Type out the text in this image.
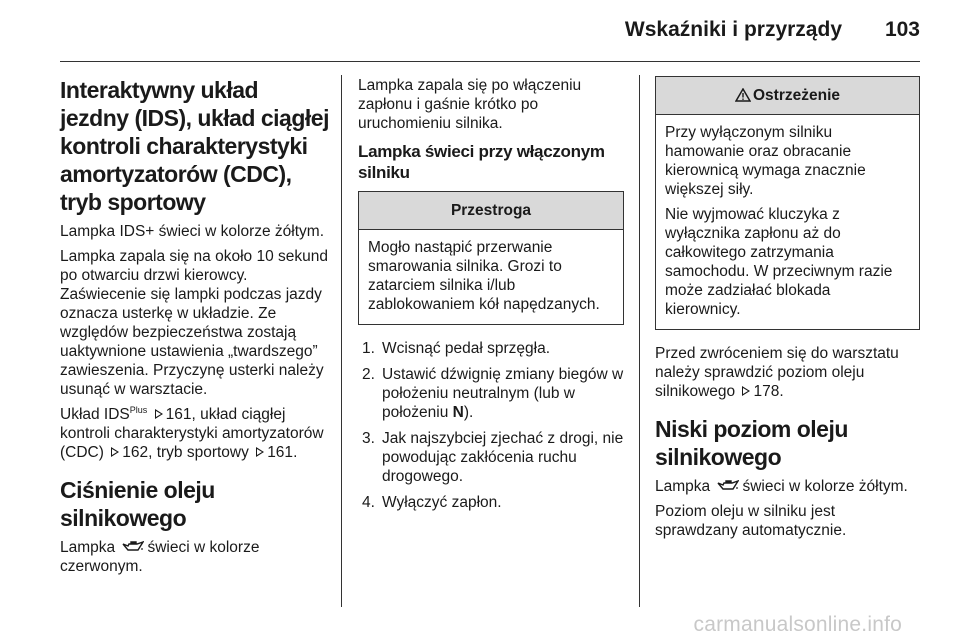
Wskaźniki i przyrządy 103
Interaktywny układ jezdny (IDS), układ ciągłej kontroli charakterystyki amortyzatorów (CDC), tryb sportowy

Lampka IDS+ świeci w kolorze żółtym.

Lampka zapala się na około 10 sekund po otwarciu drzwi kierowcy. Zaświecenie się lampki podczas jazdy oznacza usterkę w układzie. Ze względów bezpieczeństwa zostają uaktywnione ustawienia „twardszego” zawieszenia. Przyczynę usterki należy usunąć w warsztacie.

Układ $IDS^{Plus}$ 161, układ ciągłej kontroli charakterystyki amortyzatorów (CDC) 162, tryb sportowy 161.

Ciśnienie oleju silnikowego

Lampka świeci w kolorze czerwonym.

Lampka zapala się po włączeniu zapłonu i gaśnie krótko po uruchomieniu silnika.

Lampka świeci przy włączonym silniku
Przestroga

Mogło nastąpić przerwanie smarowania silnika. Grozi to zatarciem silnika i/lub zablokowaniem kół napędzanych.

1. Wcisnąć pedał sprzęgła.
2. Ustawić dźwignię zmiany biegów w położeniu neutralnym (lub w położeniu N).
3. Jak najszybciej zjechać z drogi, nie powodując zakłócenia ruchu drogowego.
4. Wyłączyć zapłon.
Ostrzeżenie

Przy wyłączonym silniku hamowanie oraz obracanie kierownicą wymaga znacznie większej siły.

Nie wyjmować kluczyka z wyłącznika zapłonu aż do całkowitego zatrzymania samochodu. W przeciwnym razie może zadziałać blokada kierownicy.

Przed zwróceniem się do warsztatu należy sprawdzić poziom oleju silnikowego 178.

Niski poziom oleju silnikowego

Lampka świeci w kolorze żółtym.

Poziom oleju w silniku jest sprawdzany automatycznie.

carmanualsonline.info
